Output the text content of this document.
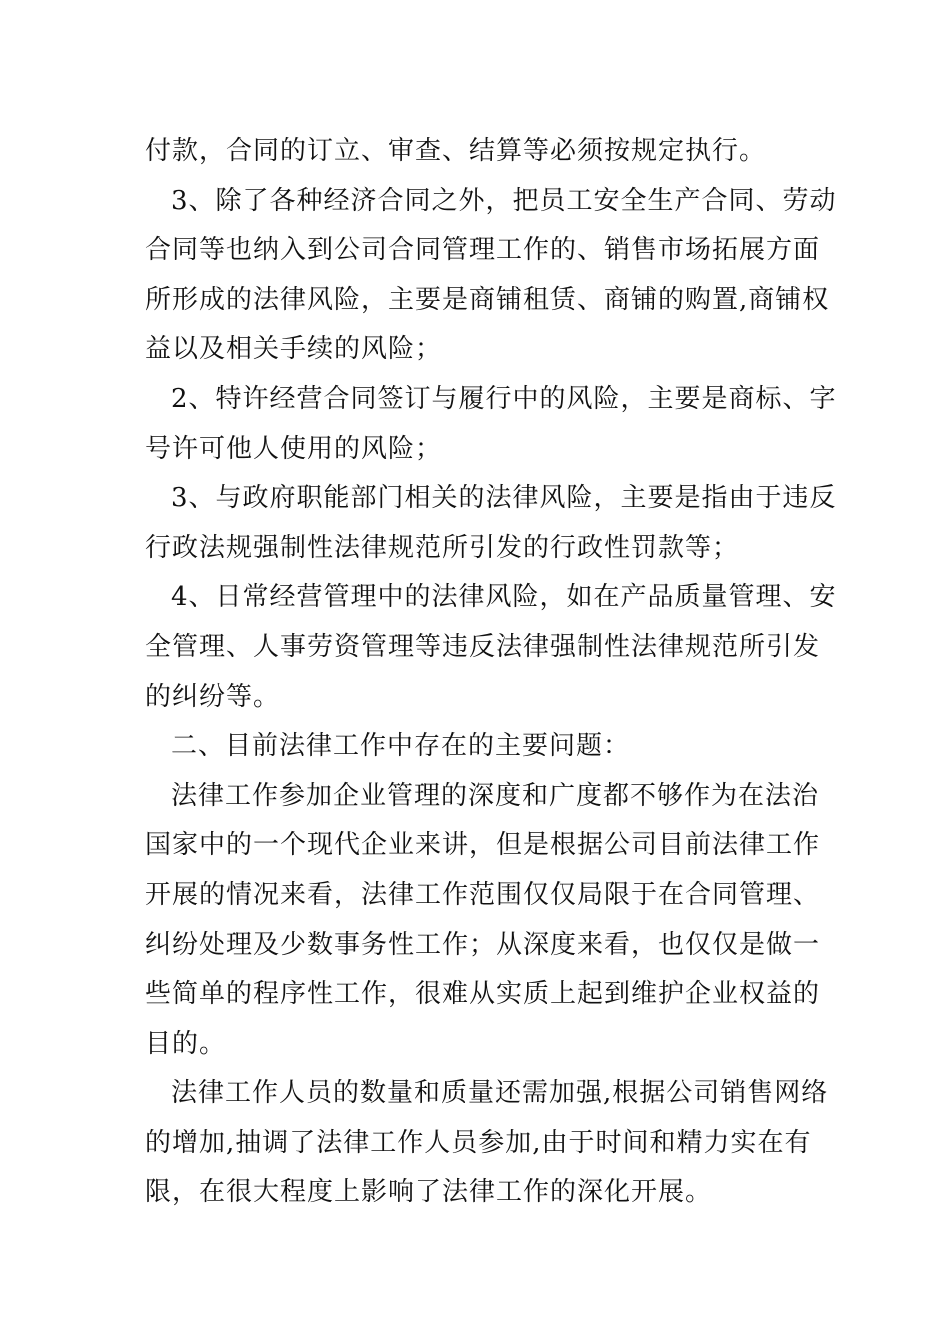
付款，合同的订立、审查、结算等必须按规定执行。
3、除了各种经济合同之外，把员工安全生产合同、劳动
合同等也纳入到公司合同管理工作的、销售市场拓展方面
所形成的法律风险，主要是商铺租赁、商铺的购置,商铺权
益以及相关手续的风险；
2、特许经营合同签订与履行中的风险，主要是商标、字
号许可他人使用的风险；
3、与政府职能部门相关的法律风险，主要是指由于违反
行政法规强制性法律规范所引发的行政性罚款等；
4、日常经营管理中的法律风险，如在产品质量管理、安
全管理、人事劳资管理等违反法律强制性法律规范所引发
的纠纷等。
二、目前法律工作中存在的主要问题：
法律工作参加企业管理的深度和广度都不够作为在法治
国家中的一个现代企业来讲，但是根据公司目前法律工作
开展的情况来看，法律工作范围仅仅局限于在合同管理、
纠纷处理及少数事务性工作；从深度来看，也仅仅是做一
些简单的程序性工作，很难从实质上起到维护企业权益的
目的。
法律工作人员的数量和质量还需加强,根据公司销售网络
的增加,抽调了法律工作人员参加,由于时间和精力实在有
限，在很大程度上影响了法律工作的深化开展。
